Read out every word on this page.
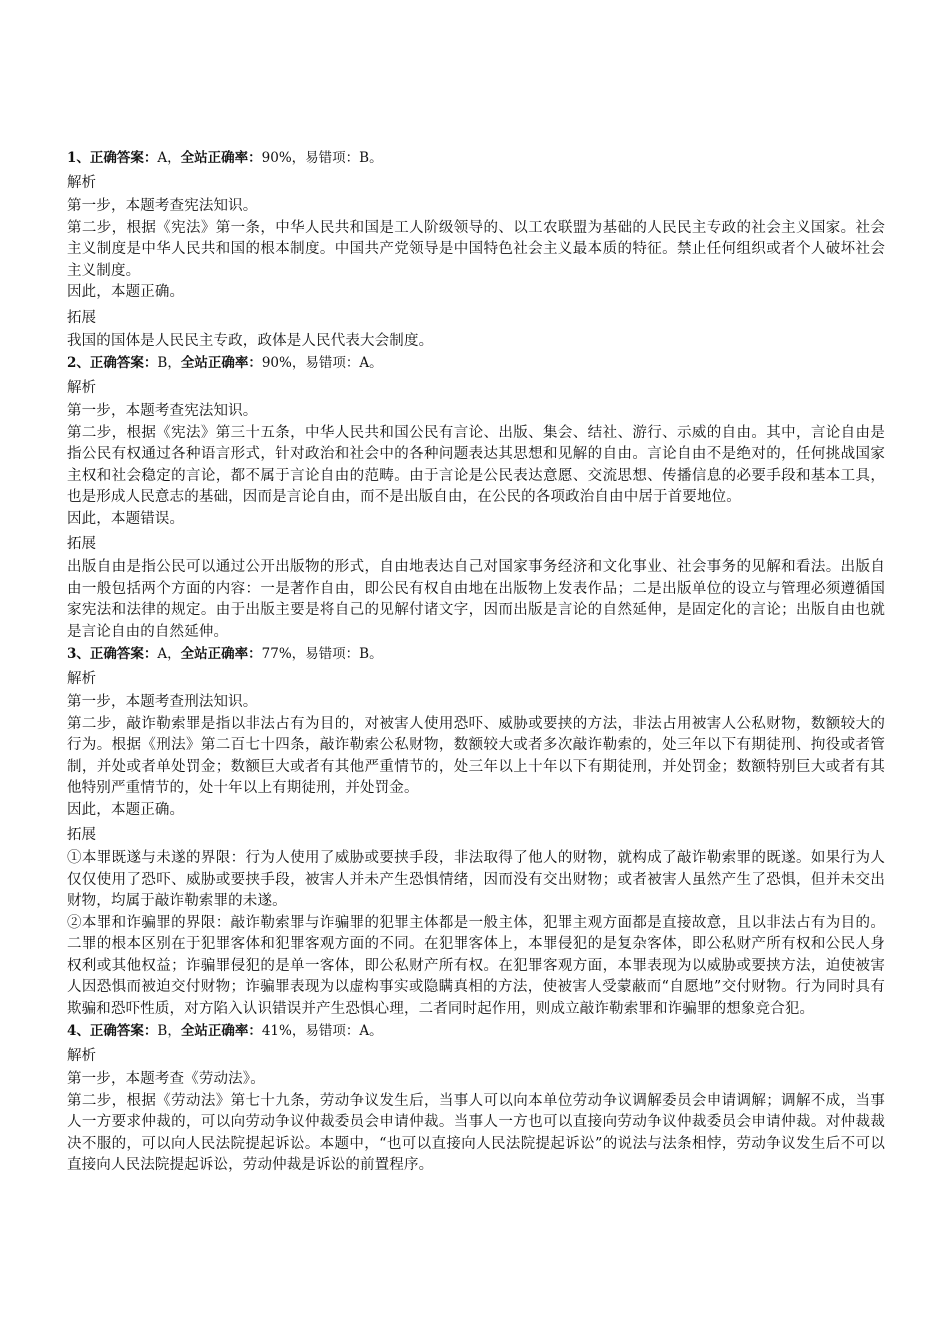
1、正确答案：A，全站正确率：90%，易错项：B。
解析

第一步，本题考查宪法知识。

第二步，根据《宪法》第一条，中华人民共和国是工人阶级领导的、以工农联盟为基础的人民民主专政的社会主义国家。社会主义制度是中华人民共和国的根本制度。中国共产党领导是中国特色社会主义最本质的特征。禁止任何组织或者个人破坏社会主义制度。

因此，本题正确。

拓展

我国的国体是人民民主专政，政体是人民代表大会制度。

2、正确答案：B，全站正确率：90%，易错项：A。
解析

第一步，本题考查宪法知识。

第二步，根据《宪法》第三十五条，中华人民共和国公民有言论、出版、集会、结社、游行、示威的自由。其中，言论自由是指公民有权通过各种语言形式，针对政治和社会中的各种问题表达其思想和见解的自由。言论自由不是绝对的，任何挑战国家主权和社会稳定的言论，都不属于言论自由的范畴。由于言论是公民表达意愿、交流思想、传播信息的必要手段和基本工具，也是形成人民意志的基础，因而是言论自由，而不是出版自由，在公民的各项政治自由中居于首要地位。

因此，本题错误。

拓展

出版自由是指公民可以通过公开出版物的形式，自由地表达自己对国家事务经济和文化事业、社会事务的见解和看法。出版自由一般包括两个方面的内容：一是著作自由，即公民有权自由地在出版物上发表作品；二是出版单位的设立与管理必须遵循国家宪法和法律的规定。由于出版主要是将自己的见解付诸文字，因而出版是言论的自然延伸，是固定化的言论；出版自由也就是言论自由的自然延伸。

3、正确答案：A，全站正确率：77%，易错项：B。
解析

第一步，本题考查刑法知识。

第二步，敲诈勒索罪是指以非法占有为目的，对被害人使用恐吓、威胁或要挟的方法，非法占用被害人公私财物，数额较大的行为。根据《刑法》第二百七十四条，敲诈勒索公私财物，数额较大或者多次敲诈勒索的，处三年以下有期徒刑、拘役或者管制，并处或者单处罚金；数额巨大或者有其他严重情节的，处三年以上十年以下有期徒刑，并处罚金；数额特别巨大或者有其他特别严重情节的，处十年以上有期徒刑，并处罚金。

因此，本题正确。

拓展

①本罪既遂与未遂的界限：行为人使用了威胁或要挟手段，非法取得了他人的财物，就构成了敲诈勒索罪的既遂。如果行为人仅仅使用了恐吓、威胁或要挟手段，被害人并未产生恐惧情绪，因而没有交出财物；或者被害人虽然产生了恐惧，但并未交出财物，均属于敲诈勒索罪的未遂。

②本罪和诈骗罪的界限：敲诈勒索罪与诈骗罪的犯罪主体都是一般主体，犯罪主观方面都是直接故意，且以非法占有为目的。二罪的根本区别在于犯罪客体和犯罪客观方面的不同。在犯罪客体上，本罪侵犯的是复杂客体，即公私财产所有权和公民人身权利或其他权益；诈骗罪侵犯的是单一客体，即公私财产所有权。在犯罪客观方面，本罪表现为以威胁或要挟方法，迫使被害人因恐惧而被迫交付财物；诈骗罪表现为以虚构事实或隐瞒真相的方法，使被害人受蒙蔽而“自愿地”交付财物。行为同时具有欺骗和恐吓性质，对方陷入认识错误并产生恐惧心理，二者同时起作用，则成立敲诈勒索罪和诈骗罪的想象竞合犯。

4、正确答案：B，全站正确率：41%，易错项：A。
解析

第一步，本题考查《劳动法》。

第二步，根据《劳动法》第七十九条，劳动争议发生后，当事人可以向本单位劳动争议调解委员会申请调解；调解不成，当事人一方要求仲裁的，可以向劳动争议仲裁委员会申请仲裁。当事人一方也可以直接向劳动争议仲裁委员会申请仲裁。对仲裁裁决不服的，可以向人民法院提起诉讼。本题中，“也可以直接向人民法院提起诉讼”的说法与法条相悖，劳动争议发生后不可以直接向人民法院提起诉讼，劳动仲裁是诉讼的前置程序。
